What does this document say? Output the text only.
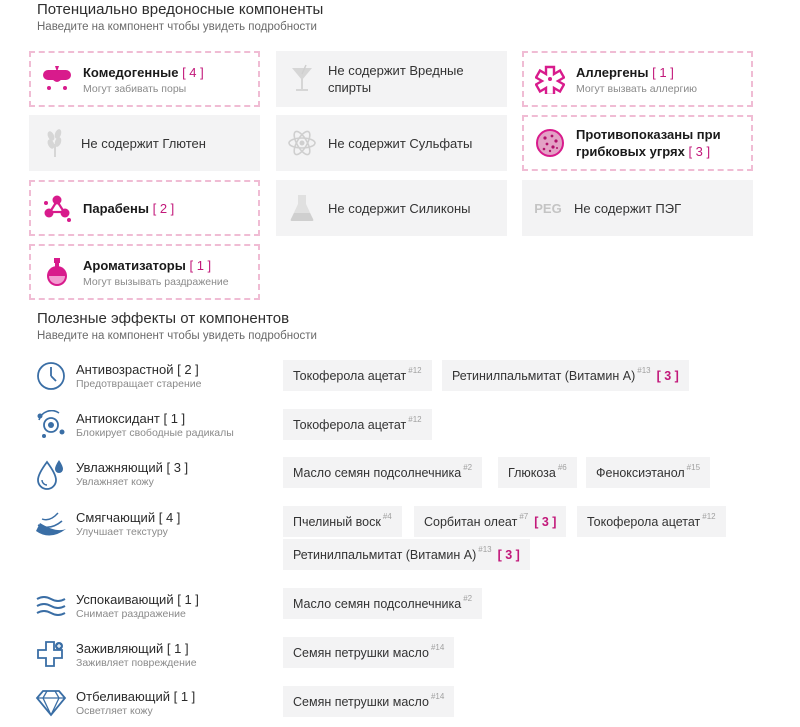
Потенциально вредоносные компоненты
Наведите на компонент чтобы увидеть подробности
Комедогенные [ 4 ]
Могут забивать поры
Не содержит Вредные спирты
Аллергены [ 1 ]
Могут вызвать аллергию
Не содержит Глютен	Не содержит Сульфаты
Противопоказаны при грибковых угрях [ 3 ]
Парабены [ 2 ]	Не содержит Силиконы	PEG Не содержит ПЭГ
Ароматизаторы [ 1 ]
Могут вызывать раздражение
Полезные эффекты от компонентов
Наведите на компонент чтобы увидеть подробности
Антивозрастной [ 2 ]
Предотвращает старение
Токоферола ацетат $^{\#12}$ Ретинилпальмитат (Витамин А) $^{\#13}$ [ 3 ]
Антиоксидант [ 1 ]
Блокирует свободные радикалы
Токоферола ацетат $^{\#12}$
Увлажняющий [ 3 ]
Увлажняет кожу
Масло семян подсолнечника $^{\#2}$	Глюкоза $^{\#6}$ Феноксиэтанол $^{\#15}$
Смягчающий [ 4 ]
Улучшает текстуру
Пчелиный воск $^{\#4}$	Сорбитан олеат $^{\#7}$ [ 3 ] Токоферола ацетат $^{\#12}$
Ретинилпальмитат (Витамин А) $^{\#13}$ [ 3 ]
Успокаивающий [ 1 ]
Снимает раздражение
Масло семян подсолнечника $^{\#2}$
Заживляющий [ 1 ]
Заживляет повреждение
Семян петрушки масло $^{\#14}$
Отбеливающий [ 1 ]
Осветляет кожу
Семян петрушки масло $^{\#14}$
